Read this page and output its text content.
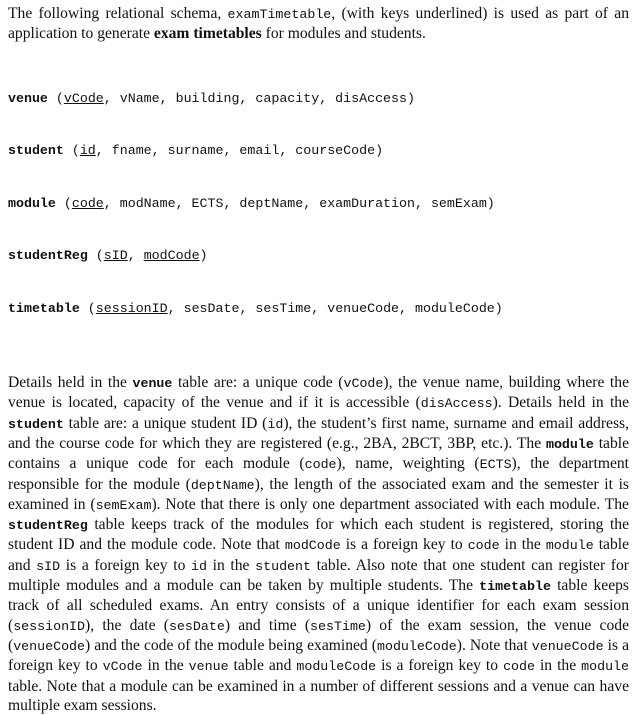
The following relational schema, examTimetable, (with keys underlined) is used as part of an application to generate exam timetables for modules and students.

venue (vCode, vName, building, capacity, disAccess)

student (id, fname, surname, email, courseCode)

module (code, modName, ECTS, deptName, examDuration, semExam)

studentReg (sID, modCode)

timetable (sessionID, sesDate, sesTime, venueCode, moduleCode)

Details held in the venue table are: a unique code (vCode), the venue name, building where the venue is located, capacity of the venue and if it is accessible (disAccess). Details held in the student table are: a unique student ID (id), the student’s first name, surname and email address, and the course code for which they are registered (e.g., 2BA, 2BCT, 3BP, etc.). The module table contains a unique code for each module (code), name, weighting (ECTS), the department responsible for the module (deptName), the length of the associated exam and the semester it is examined in (semExam). Note that there is only one department associated with each module. The studentReg table keeps track of the modules for which each student is registered, storing the student ID and the module code. Note that modCode is a foreign key to code in the module table and sID is a foreign key to id in the student table. Also note that one student can register for multiple modules and a module can be taken by multiple students. The timetable table keeps track of all scheduled exams. An entry consists of a unique identifier for each exam session (sessionID), the date (sesDate) and time (sesTime) of the exam session, the venue code (venueCode) and the code of the module being examined (moduleCode). Note that venueCode is a foreign key to vCode in the venue table and moduleCode is a foreign key to code in the module table. Note that a module can be examined in a number of different sessions and a venue can have multiple exam sessions.
